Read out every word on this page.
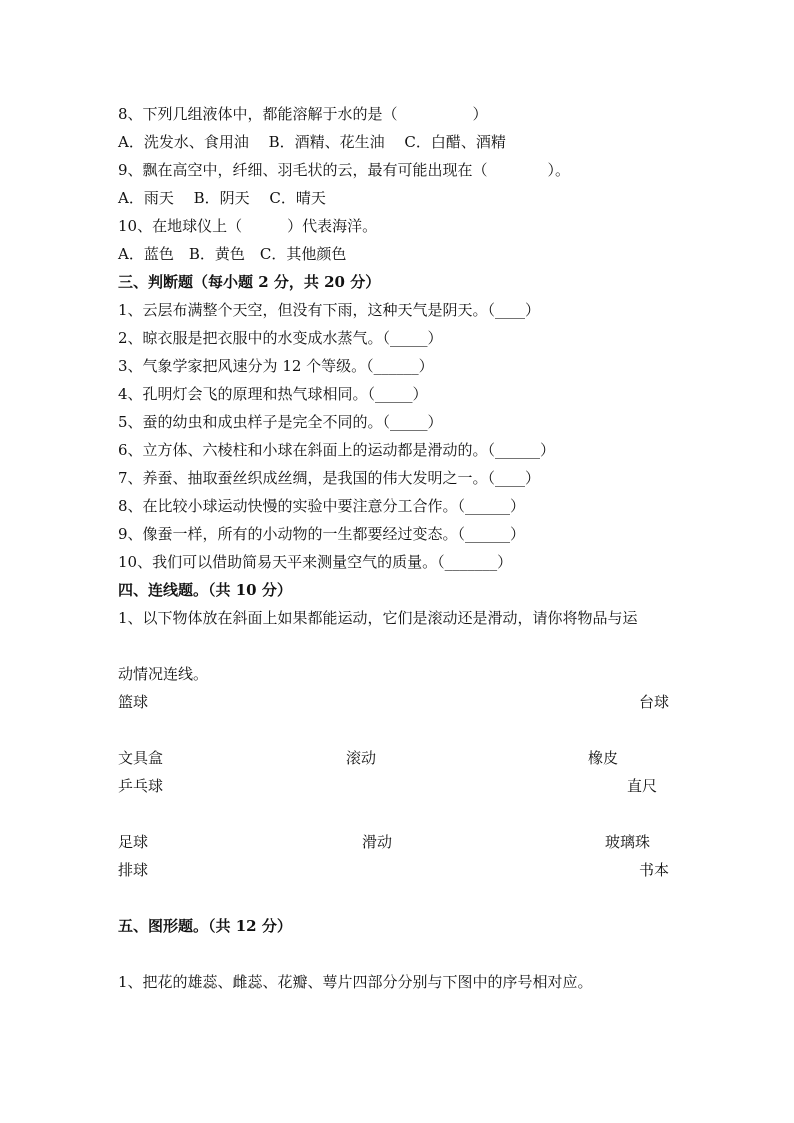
8、下列几组液体中，都能溶解于水的是（　　　　　）
A．洗发水、食用油　 B．酒精、花生油　 C．白醋、酒精
9、飘在高空中，纤细、羽毛状的云，最有可能出现在（　　　　）。
A．雨天　 B．阴天　 C．晴天
10、在地球仪上（　　　）代表海洋。
A．蓝色　B．黄色　C．其他颜色
三、判断题（每小题 2 分，共 20 分）
1、云层布满整个天空，但没有下雨，这种天气是阴天。（____）
2、晾衣服是把衣服中的水变成水蒸气。（_____）
3、气象学家把风速分为 12 个等级。（______）
4、孔明灯会飞的原理和热气球相同。（_____）
5、蚕的幼虫和成虫样子是完全不同的。（_____）
6、立方体、六棱柱和小球在斜面上的运动都是滑动的。（______）
7、养蚕、抽取蚕丝织成丝绸，是我国的伟大发明之一。（____）
8、在比较小球运动快慢的实验中要注意分工合作。（______）
9、像蚕一样，所有的小动物的一生都要经过变态。（______）
10、我们可以借助简易天平来测量空气的质量。（_______）
四、连线题。（共 10 分）
1、以下物体放在斜面上如果都能运动，它们是滚动还是滑动，请你将物品与运
动情况连线。
篮球	台球
文具盒	滚动	橡皮
乒乓球	直尺
足球	滑动	玻璃珠
排球	书本
五、图形题。（共 12 分）
1、把花的雄蕊、雌蕊、花瓣、萼片四部分分别与下图中的序号相对应。
